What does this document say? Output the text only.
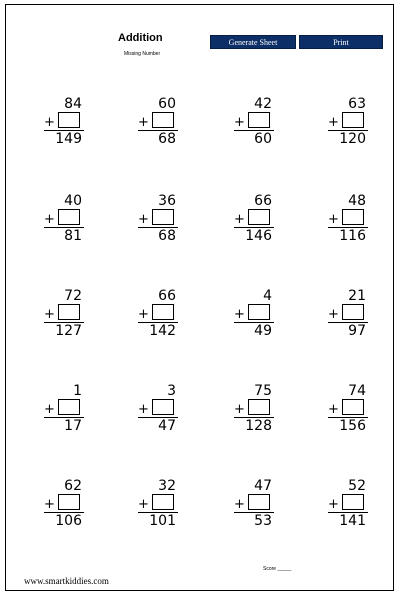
Addition
Missing Number
Generate Sheet	Print
84
+
149
60
+
68
42
+
60
63
+
120
40
+
81
36
+
68
66
+
146
48
+
116
72
+
127
66
+
142
4
+
49
21
+
97
1
+
17
3
+
47
75
+
128
74
+
156
62
+
106
32
+
101
47
+
53
52
+
141
Score _____
www.smartkiddies.com
